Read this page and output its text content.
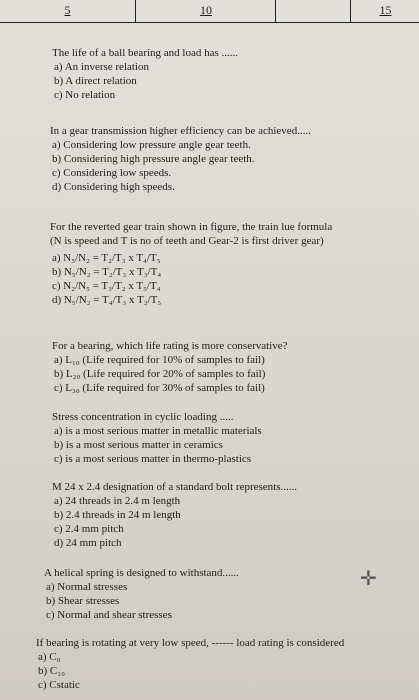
5	10	15
The life of a ball bearing and load has ......
a) An inverse relation
b) A direct relation
c) No relation
In a gear transmission higher efficiency can be achieved.....
a) Considering low pressure angle gear teeth.
b) Considering high pressure angle gear teeth.
c) Considering low speeds.
d) Considering high speeds.
For the reverted gear train shown in figure, the train lue formula
(N is speed and T is no of teeth and Gear-2 is first driver gear)
a) N₅/N₂ = T₂/T₃ x T₄/T₅
b) N₅/N₂ = T₂/T₃ x T₃/T₄
c) N₂/N₅ = T₃/T₂ x T₅/T₄
d) N₅/N₂ = T₄/T₃ x T₂/T₅
For a bearing, which life rating is more conservative?
a) L₁₀ (Life required for 10% of samples to fail)
b) L₂₀ (Life required for 20% of samples to fail)
c) L₃₀ (Life required for 30% of samples to fail)
Stress concentration in cyclic loading .....
a) is a most serious matter in metallic materials
b) is a most serious matter in ceramics
c) is a most serious matter in thermo-plastics
M 24 x 2.4 designation of a standard bolt represents......
a) 24 threads in 2.4 m length
b) 2.4 threads in 24 m length
c) 2.4 mm pitch
d) 24 mm pitch
A helical spring is designed to withstand......
a) Normal stresses
b) Shear stresses
c) Normal and shear stresses
✛
If bearing is rotating at very low speed, ------ load rating is considered
a) C₀
b) C₁₀
c) Cstatic
